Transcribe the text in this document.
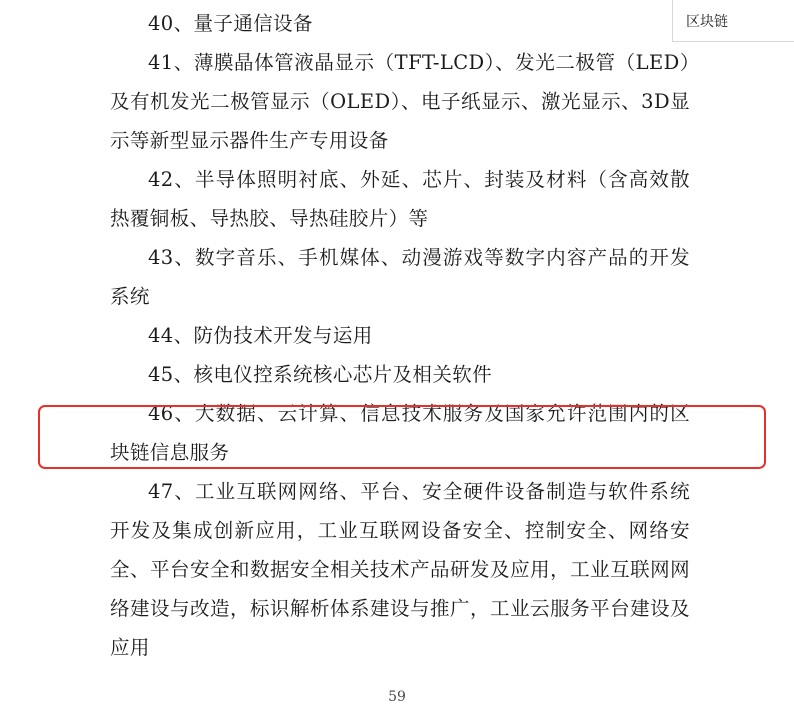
40、量子通信设备

41、薄膜晶体管液晶显示（TFT-LCD）、发光二极管（LED）及有机发光二极管显示（OLED）、电子纸显示、激光显示、3D显示等新型显示器件生产专用设备

42、半导体照明衬底、外延、芯片、封装及材料（含高效散热覆铜板、导热胶、导热硅胶片）等

43、数字音乐、手机媒体、动漫游戏等数字内容产品的开发系统

44、防伪技术开发与运用

45、核电仪控系统核心芯片及相关软件

46、大数据、云计算、信息技术服务及国家允许范围内的区块链信息服务

47、工业互联网网络、平台、安全硬件设备制造与软件系统开发及集成创新应用，工业互联网设备安全、控制安全、网络安全、平台安全和数据安全相关技术产品研发及应用，工业互联网网络建设与改造，标识解析体系建设与推广，工业云服务平台建设及应用

59
区块链
